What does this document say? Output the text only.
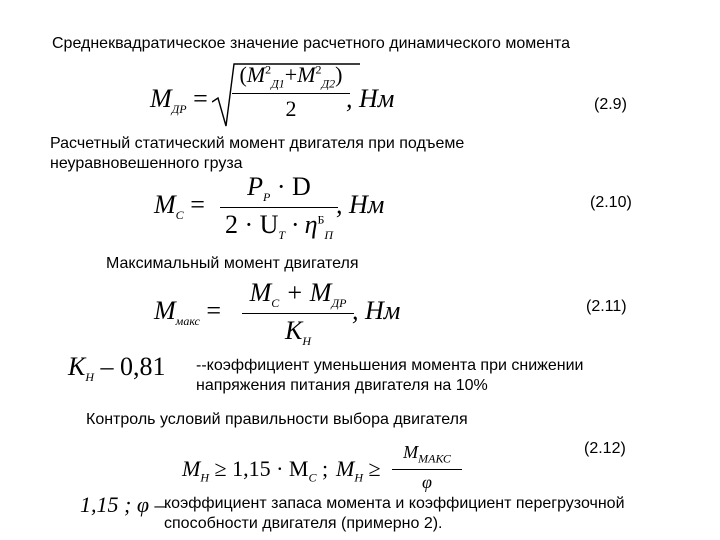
Среднеквадратическое значение расчетного динамического момента
$M_{ДР}$ =
$(M^2_{Д1}+M^2_{Д2})$
2	, Нм	(2.9)
Расчетный статический момент двигателя при подъеме
неуравновешенного груза
$M_C$ =
$P_P \cdot D$
$2 \cdot U_T \cdot \eta^Б_П$
, Нм	(2.10)
Максимальный момент двигателя
$M_{макс}$ =
$M_C + M_{ДР}$
$K_H$
, Нм	(2.11)
$K_H - 0,81$ --коэффициент уменьшения момента при снижении
напряжения питания двигателя на 10%
Контроль условий правильности выбора двигателя
(2.12)
$M_H \ge 1,15 \cdot M_C$ ; $M_H$ ≥
$M_{МАКС}$
φ
1,15 ; φ –
коэффициент запаса момента и коэффициент перегрузочной
способности двигателя (примерно 2).
